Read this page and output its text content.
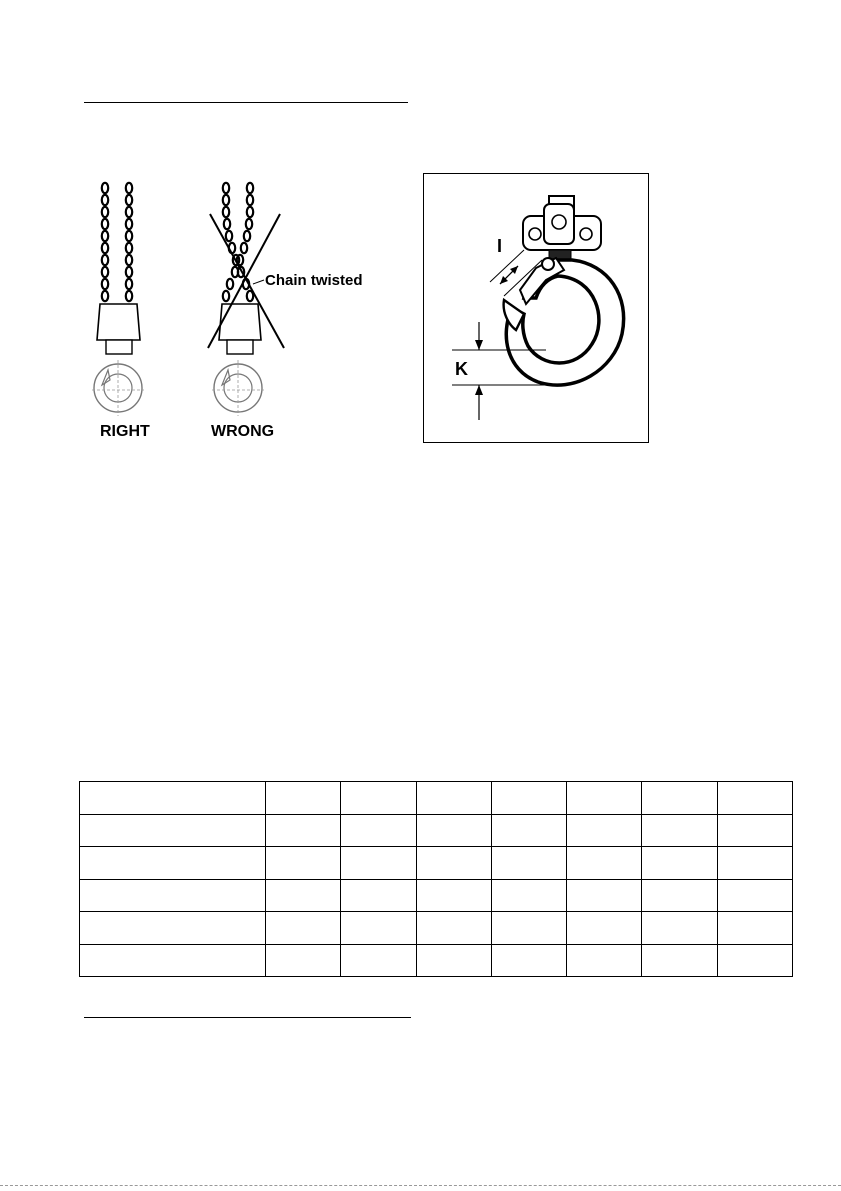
RIGHT	WRONG
Chain twisted
I
K
